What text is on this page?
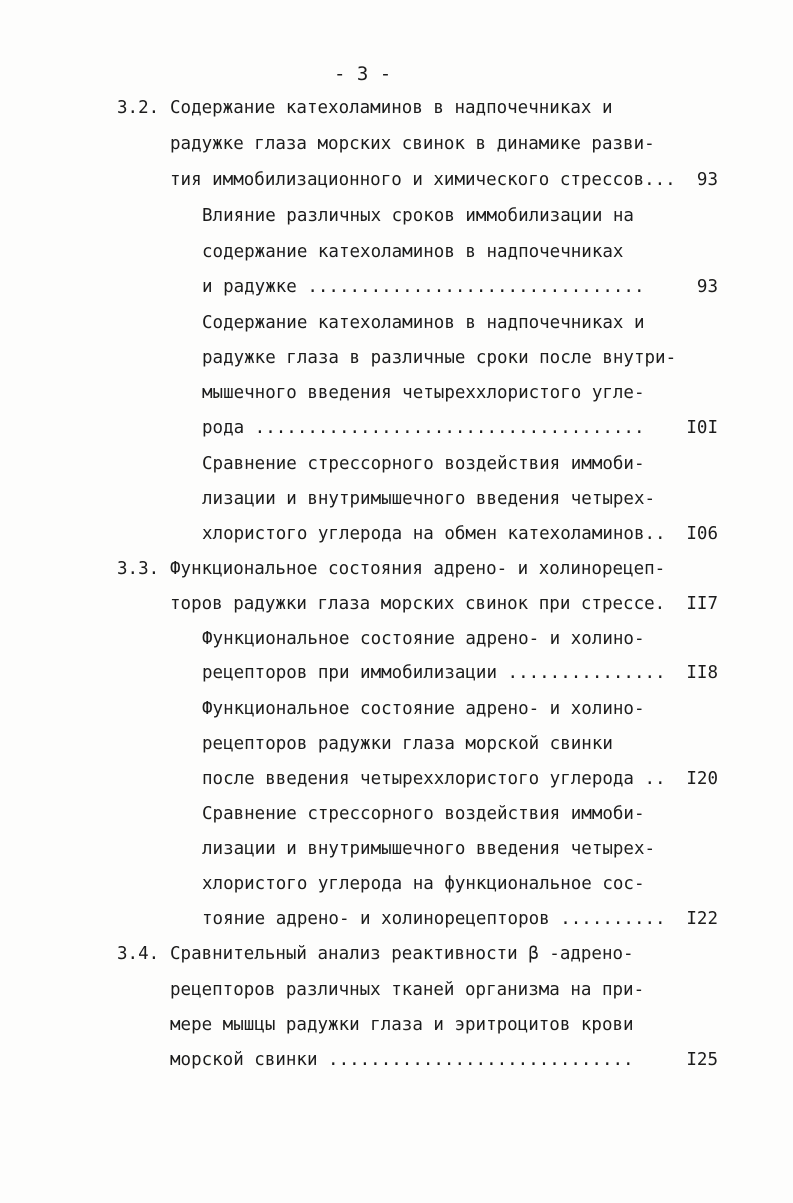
- 3 -
3.2. Содержание катехоламинов в надпочечниках и
радужке глаза морских свинок в динамике разви-
тия иммобилизационного и химического стрессов...	93
Влияние различных сроков иммобилизации на
содержание катехоламинов в надпочечниках
и радужке ................................	93
Содержание катехоламинов в надпочечниках и
радужке глаза в различные сроки после внутри-
мышечного введения четыреххлористого угле-
рода .....................................	I0I
Сравнение стрессорного воздействия иммоби-
лизации и внутримышечного введения четырех-
хлористого углерода на обмен катехоламинов..	I06
3.3. Функциональное состояния адрено- и холинорецеп-
торов радужки глаза морских свинок при стрессе.	II7
Функциональное состояние адрено- и холино-
рецепторов при иммобилизации ...............	II8
Функциональное состояние адрено- и холино-
рецепторов радужки глаза морской свинки
после введения четыреххлористого углерода ..	I20
Сравнение стрессорного воздействия иммоби-
лизации и внутримышечного введения четырех-
хлористого углерода на функциональное сос-
тояние адрено- и холинорецепторов ..........	I22
3.4. Сравнительный анализ реактивности β -адрено-
рецепторов различных тканей организма на при-
мере мышцы радужки глаза и эритроцитов крови
морской свинки .............................	I25
